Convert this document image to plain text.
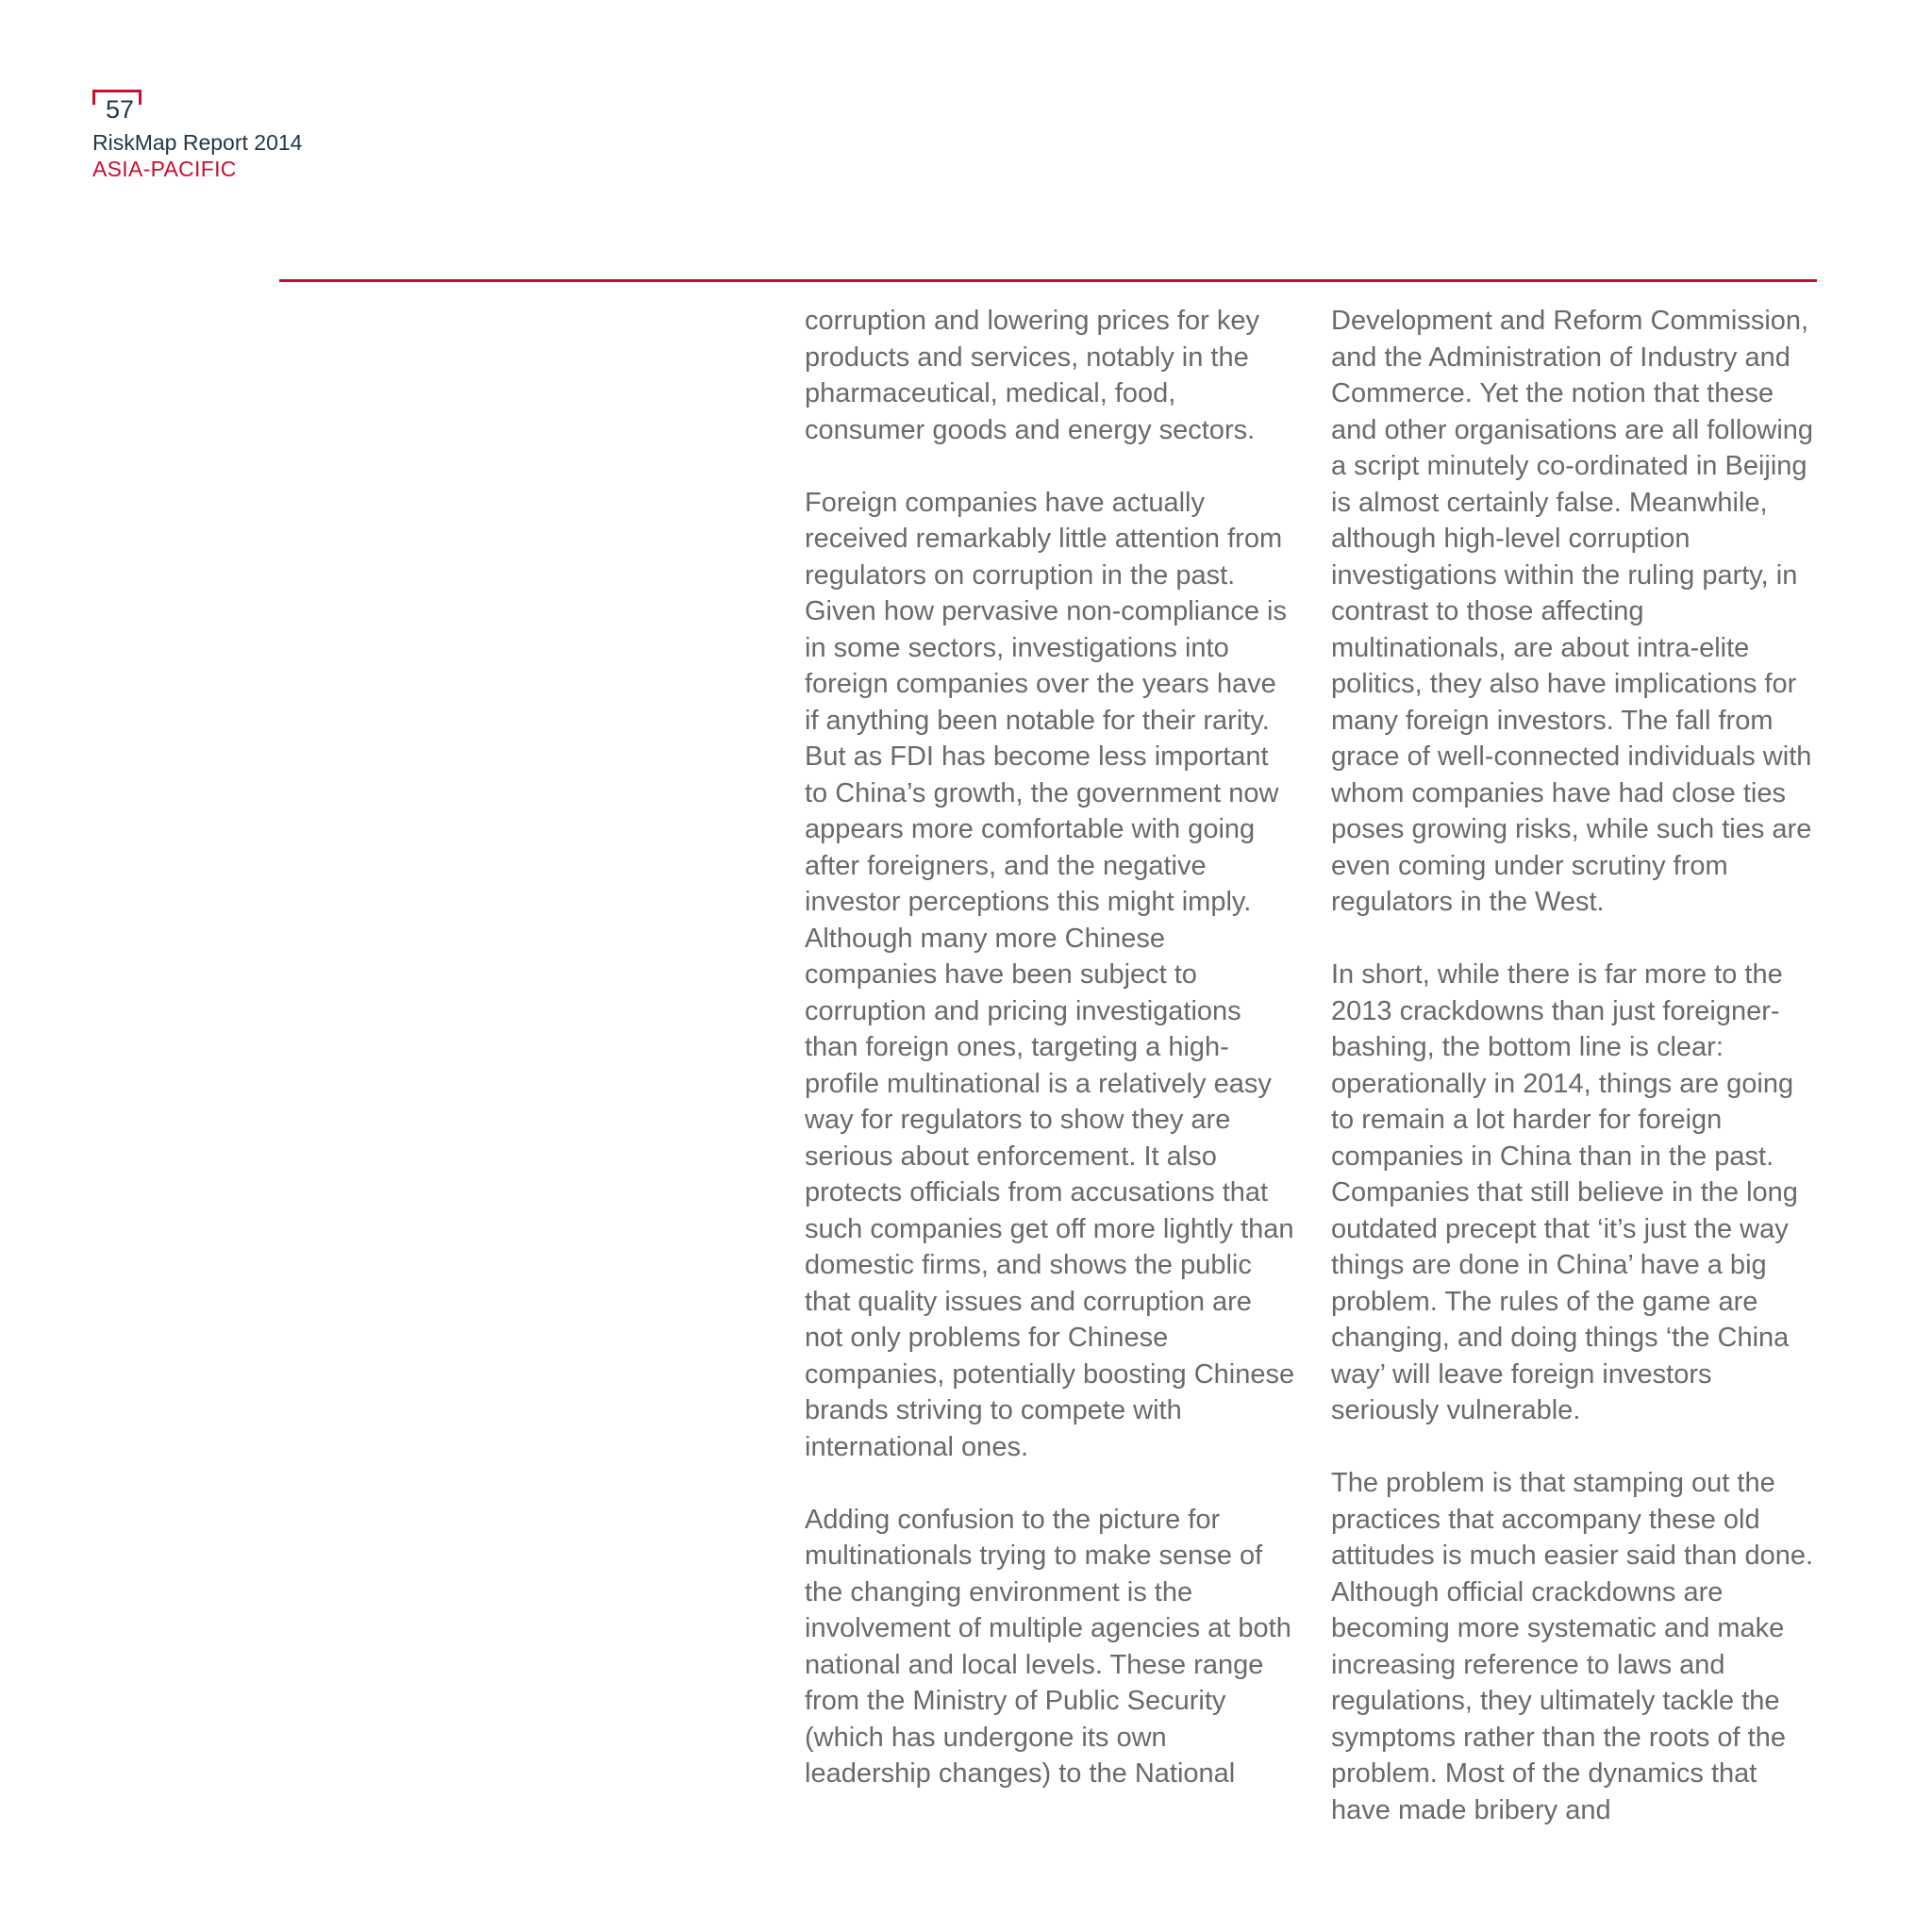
57
RiskMap Report 2014
ASIA-PACIFIC

corruption and lowering prices for key products and services, notably in the pharmaceutical, medical, food, consumer goods and energy sectors.

Foreign companies have actually received remarkably little attention from regulators on corruption in the past. Given how pervasive non-compliance is in some sectors, investigations into foreign companies over the years have if anything been notable for their rarity. But as FDI has become less important to China’s growth, the government now appears more comfortable with going after foreigners, and the negative investor perceptions this might imply. Although many more Chinese companies have been subject to corruption and pricing investigations than foreign ones, targeting a high-profile multinational is a relatively easy way for regulators to show they are serious about enforcement. It also protects officials from accusations that such companies get off more lightly than domestic firms, and shows the public that quality issues and corruption are not only problems for Chinese companies, potentially boosting Chinese brands striving to compete with international ones.

Adding confusion to the picture for multinationals trying to make sense of the changing environment is the involvement of multiple agencies at both national and local levels. These range from the Ministry of Public Security (which has undergone its own leadership changes) to the National

Development and Reform Commission, and the Administration of Industry and Commerce. Yet the notion that these and other organisations are all following a script minutely co-ordinated in Beijing is almost certainly false. Meanwhile, although high-level corruption investigations within the ruling party, in contrast to those affecting multinationals, are about intra-elite politics, they also have implications for many foreign investors. The fall from grace of well-connected individuals with whom companies have had close ties poses growing risks, while such ties are even coming under scrutiny from regulators in the West.

In short, while there is far more to the 2013 crackdowns than just foreigner-bashing, the bottom line is clear: operationally in 2014, things are going to remain a lot harder for foreign companies in China than in the past. Companies that still believe in the long outdated precept that ‘it’s just the way things are done in China’ have a big problem. The rules of the game are changing, and doing things ‘the China way’ will leave foreign investors seriously vulnerable.

The problem is that stamping out the practices that accompany these old attitudes is much easier said than done. Although official crackdowns are becoming more systematic and make increasing reference to laws and regulations, they ultimately tackle the symptoms rather than the roots of the problem. Most of the dynamics that have made bribery and
